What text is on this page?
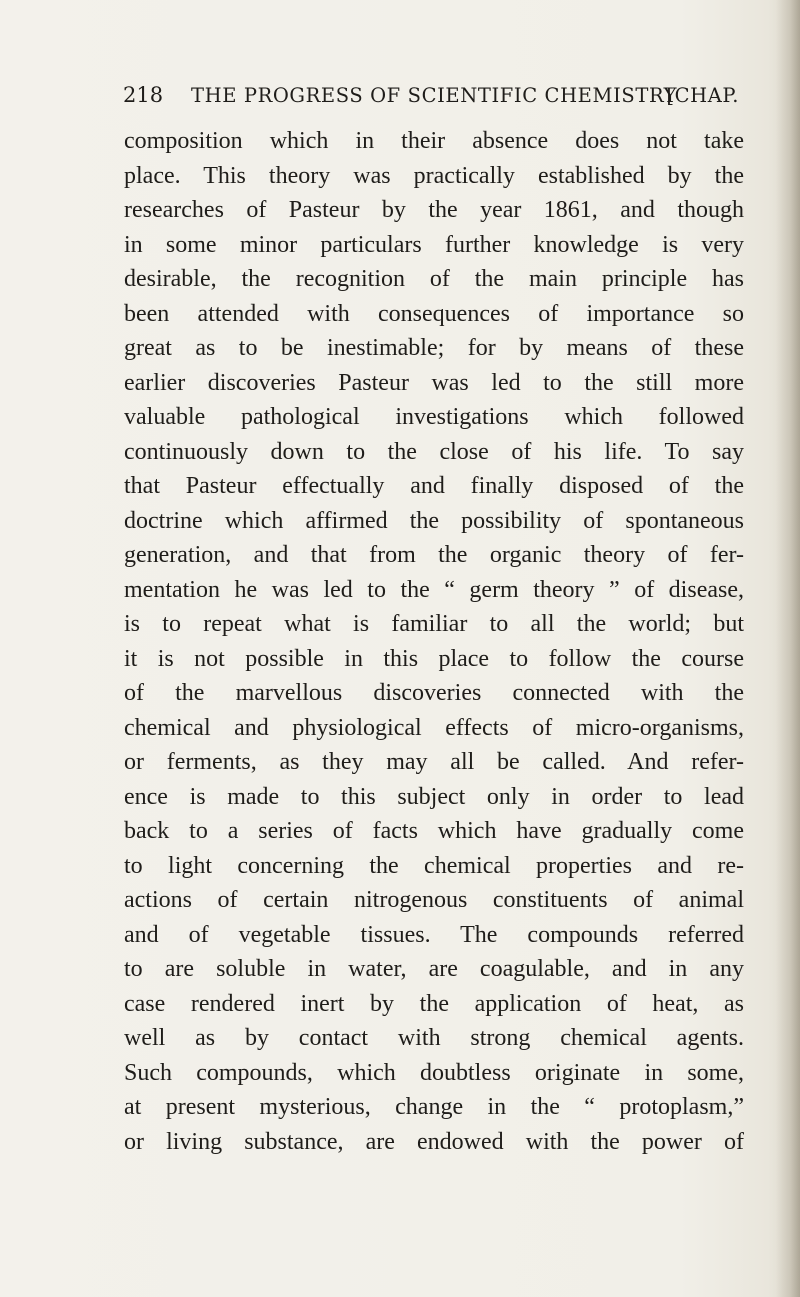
218 THE PROGRESS OF SCIENTIFIC CHEMISTRY
[CHAP.
composition which in their absence does not take
place. This theory was practically established by the
researches of Pasteur by the year 1861, and though
in some minor particulars further knowledge is very
desirable, the recognition of the main principle has
been attended with consequences of importance so
great as to be inestimable; for by means of these
earlier discoveries Pasteur was led to the still more
valuable pathological investigations which followed
continuously down to the close of his life. To say
that Pasteur effectually and finally disposed of the
doctrine which affirmed the possibility of spontaneous
generation, and that from the organic theory of fer-
mentation he was led to the “ germ theory ” of disease,
is to repeat what is familiar to all the world; but
it is not possible in this place to follow the course
of the marvellous discoveries connected with the
chemical and physiological effects of micro-organisms,
or ferments, as they may all be called. And refer-
ence is made to this subject only in order to lead
back to a series of facts which have gradually come
to light concerning the chemical properties and re-
actions of certain nitrogenous constituents of animal
and of vegetable tissues. The compounds referred
to are soluble in water, are coagulable, and in any
case rendered inert by the application of heat, as
well as by contact with strong chemical agents.
Such compounds, which doubtless originate in some,
at present mysterious, change in the “ protoplasm,”
or living substance, are endowed with the power of
